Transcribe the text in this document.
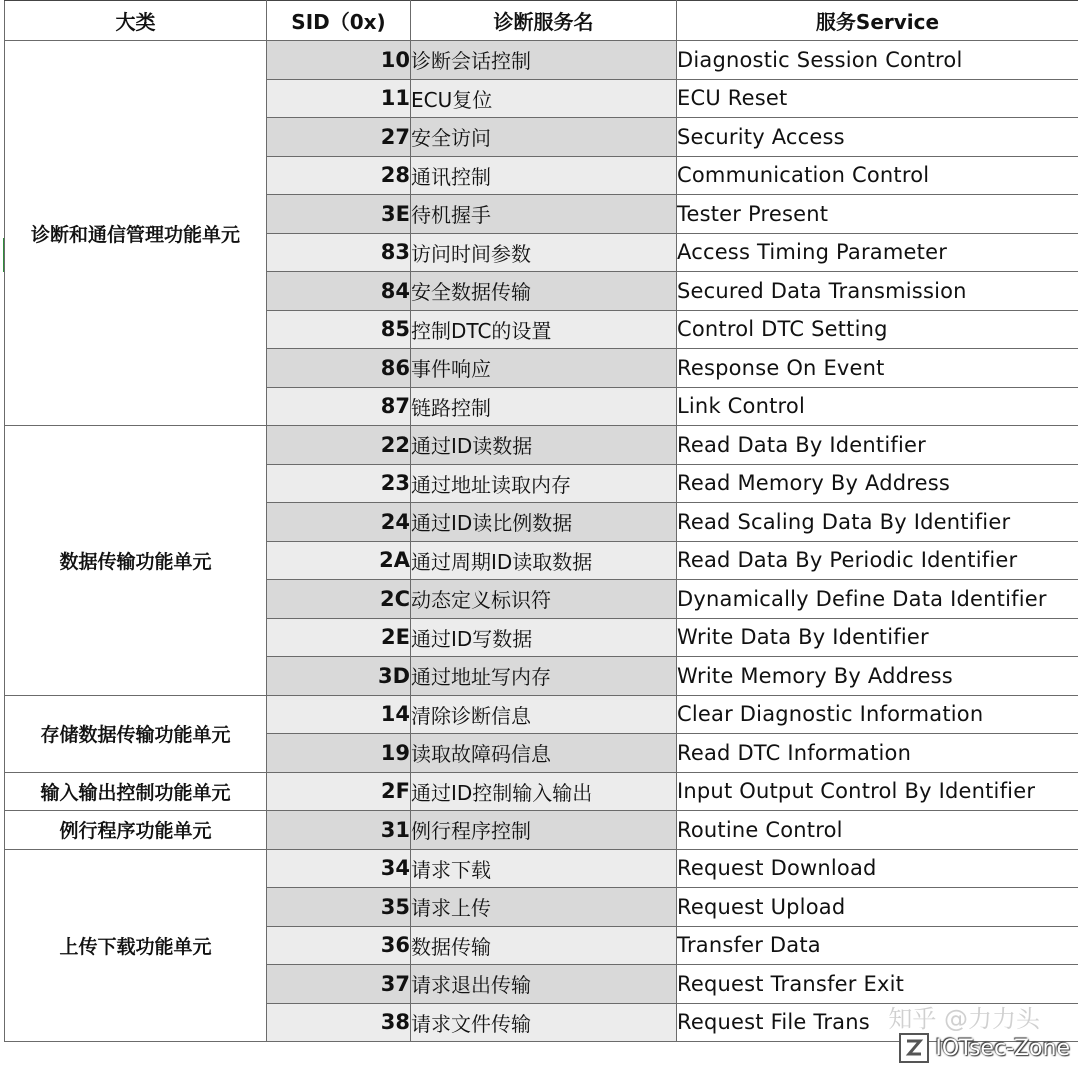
大类	SID（0x)	诊断服务名	服务Service
诊断和通信管理功能单元	10	诊断会话控制	Diagnostic Session Control
	11	ECU复位	ECU Reset
	27	安全访问	Security Access
	28	通讯控制	Communication Control
	3E	待机握手	Tester Present
	83	访问时间参数	Access Timing Parameter
	84	安全数据传输	Secured Data Transmission
	85	控制DTC的设置	Control DTC Setting
	86	事件响应	Response On Event
	87	链路控制	Link Control
数据传输功能单元	22	通过ID读数据	Read Data By Identifier
	23	通过地址读取内存	Read Memory By Address
	24	通过ID读比例数据	Read Scaling Data By Identifier
	2A	通过周期ID读取数据	Read Data By Periodic Identifier
	2C	动态定义标识符	Dynamically Define Data Identifier
	2E	通过ID写数据	Write Data By Identifier
	3D	通过地址写内存	Write Memory By Address
存储数据传输功能单元	14	清除诊断信息	Clear Diagnostic Information
	19	读取故障码信息	Read DTC Information
输入输出控制功能单元	2F	通过ID控制输入输出	Input Output Control By Identifier
例行程序功能单元	31	例行程序控制	Routine Control
上传下载功能单元	34	请求下载	Request Download
	35	请求上传	Request Upload
	36	数据传输	Transfer Data
	37	请求退出传输	Request Transfer Exit
	38	请求文件传输	Request File Trans 知乎 @力力头
IOTsec-Zone
